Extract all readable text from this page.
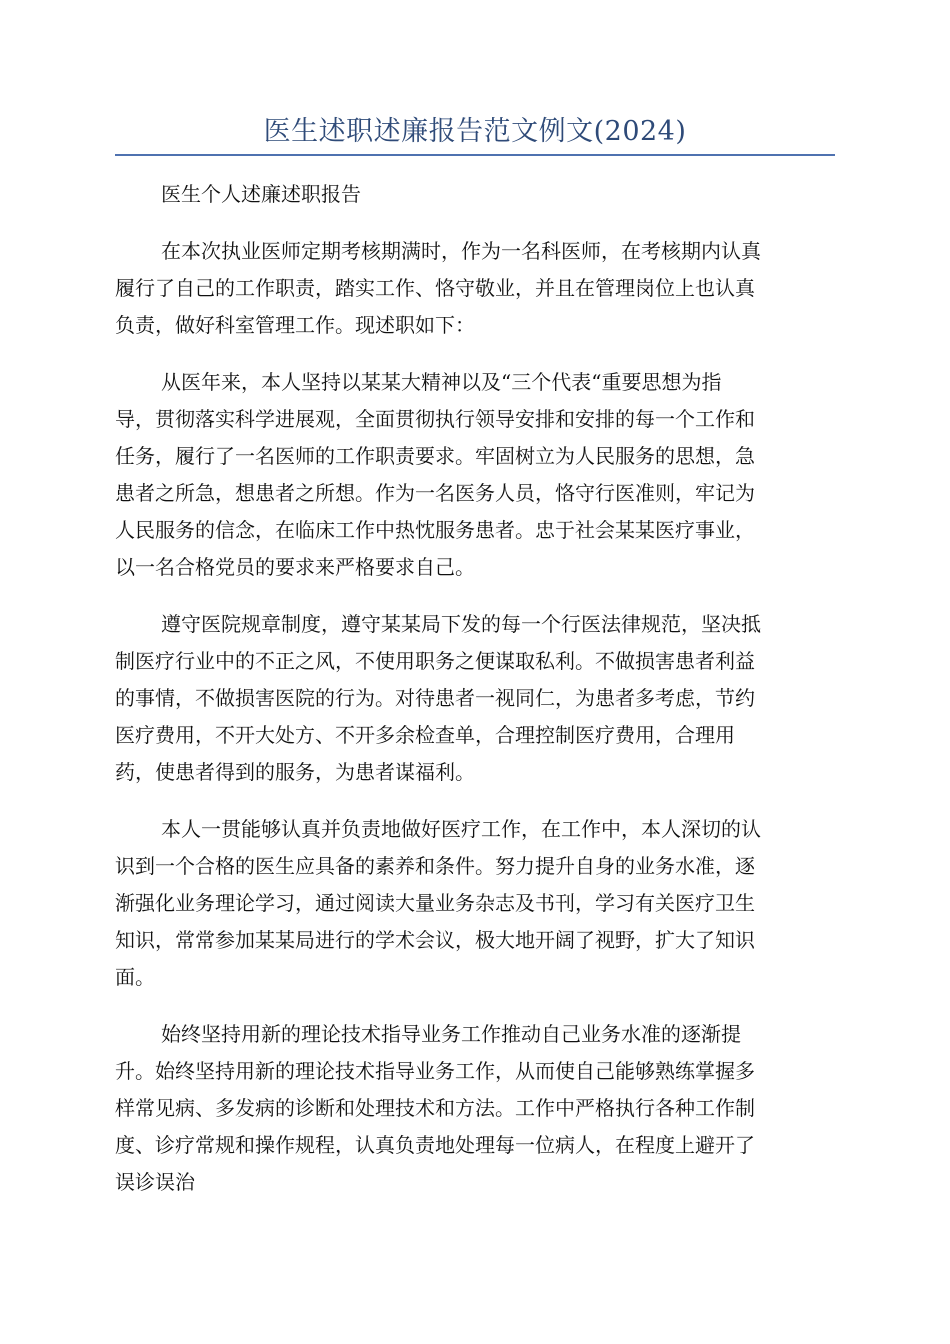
医生述职述廉报告范文例文(2024)
医生个人述廉述职报告
在本次执业医师定期考核期满时，作为一名科医师，在考核期内认真
履行了自己的工作职责，踏实工作、恪守敬业，并且在管理岗位上也认真
负责，做好科室管理工作。现述职如下：
从医年来，本人坚持以某某大精神以及“三个代表“重要思想为指
导，贯彻落实科学进展观，全面贯彻执行领导安排和安排的每一个工作和
任务，履行了一名医师的工作职责要求。牢固树立为人民服务的思想，急
患者之所急，想患者之所想。作为一名医务人员，恪守行医准则，牢记为
人民服务的信念，在临床工作中热忱服务患者。忠于社会某某医疗事业，
以一名合格党员的要求来严格要求自己。
遵守医院规章制度，遵守某某局下发的每一个行医法律规范，坚决抵
制医疗行业中的不正之风，不使用职务之便谋取私利。不做损害患者利益
的事情，不做损害医院的行为。对待患者一视同仁，为患者多考虑，节约
医疗费用，不开大处方、不开多余检查单，合理控制医疗费用，合理用
药，使患者得到的服务，为患者谋福利。
本人一贯能够认真并负责地做好医疗工作，在工作中，本人深切的认
识到一个合格的医生应具备的素养和条件。努力提升自身的业务水准，逐
渐强化业务理论学习，通过阅读大量业务杂志及书刊，学习有关医疗卫生
知识，常常参加某某局进行的学术会议，极大地开阔了视野，扩大了知识
面。
始终坚持用新的理论技术指导业务工作推动自己业务水准的逐渐提
升。始终坚持用新的理论技术指导业务工作，从而使自己能够熟练掌握多
样常见病、多发病的诊断和处理技术和方法。工作中严格执行各种工作制
度、诊疗常规和操作规程，认真负责地处理每一位病人，在程度上避开了
误诊误治
